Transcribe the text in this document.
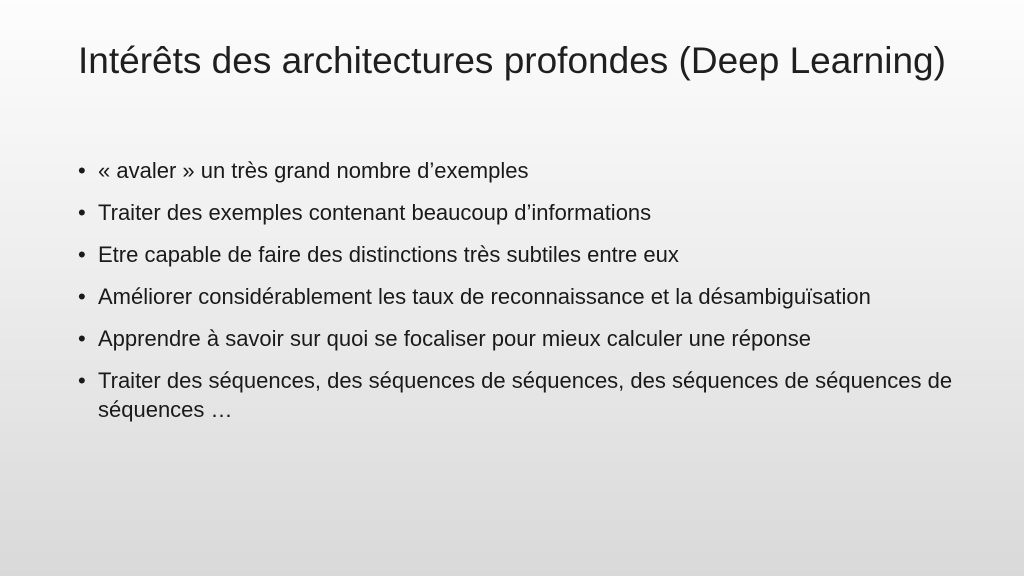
Intérêts des architectures profondes (Deep Learning)
• « avaler » un très grand nombre d’exemples
• Traiter des exemples contenant beaucoup d’informations
• Etre capable de faire des distinctions très subtiles entre eux
• Améliorer considérablement les taux de reconnaissance et la désambiguïsation
• Apprendre à savoir sur quoi se focaliser pour mieux calculer une réponse
• Traiter des séquences, des séquences de séquences, des séquences de séquences de séquences …
